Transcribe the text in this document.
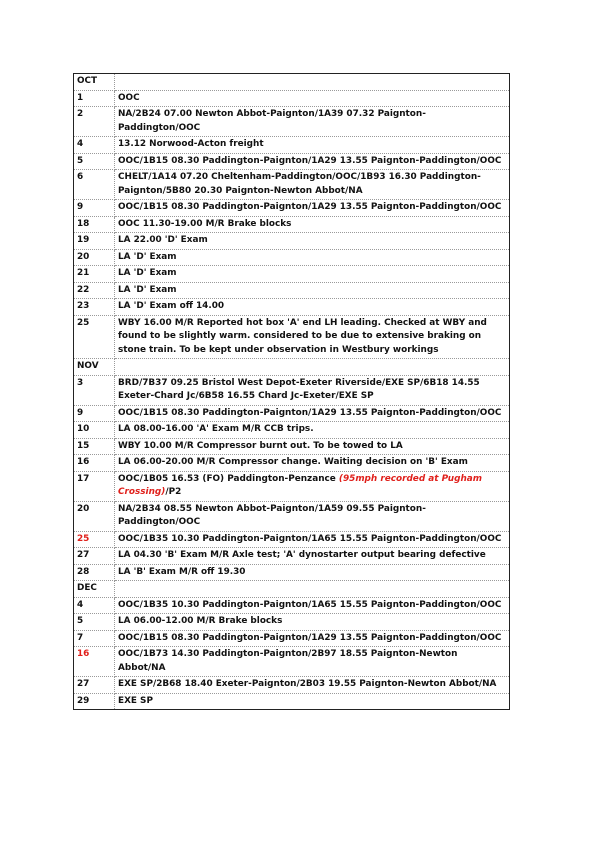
OCT	
1	OOC
2	NA/2B24 07.00 Newton Abbot-Paignton/1A39 07.32 Paignton-Paddington/OOC
4	13.12 Norwood-Acton freight
5	OOC/1B15 08.30 Paddington-Paignton/1A29 13.55 Paignton-Paddington/OOC
6	CHELT/1A14 07.20 Cheltenham-Paddington/OOC/1B93 16.30 Paddington-Paignton/5B80 20.30 Paignton-Newton Abbot/NA
9	OOC/1B15 08.30 Paddington-Paignton/1A29 13.55 Paignton-Paddington/OOC
18	OOC 11.30-19.00 M/R Brake blocks
19	LA 22.00 'D' Exam
20	LA 'D' Exam
21	LA 'D' Exam
22	LA 'D' Exam
23	LA 'D' Exam off 14.00
25	WBY 16.00 M/R Reported hot box 'A' end LH leading. Checked at WBY and found to be slightly warm. considered to be due to extensive braking on stone train. To be kept under observation in Westbury workings
NOV	
3	BRD/7B37 09.25 Bristol West Depot-Exeter Riverside/EXE SP/6B18 14.55 Exeter-Chard Jc/6B58 16.55 Chard Jc-Exeter/EXE SP
9	OOC/1B15 08.30 Paddington-Paignton/1A29 13.55 Paignton-Paddington/OOC
10	LA 08.00-16.00 'A' Exam M/R CCB trips.
15	WBY 10.00 M/R Compressor burnt out. To be towed to LA
16	LA 06.00-20.00 M/R Compressor change. Waiting decision on 'B' Exam
17	OOC/1B05 16.53 (FO) Paddington-Penzance (95mph recorded at Pugham Crossing)/P2
20	NA/2B34 08.55 Newton Abbot-Paignton/1A59 09.55 Paignton-Paddington/OOC
25	OOC/1B35 10.30 Paddington-Paignton/1A65 15.55 Paignton-Paddington/OOC
27	LA 04.30 'B' Exam M/R Axle test; 'A' dynostarter output bearing defective
28	LA 'B' Exam M/R off 19.30
DEC	
4	OOC/1B35 10.30 Paddington-Paignton/1A65 15.55 Paignton-Paddington/OOC
5	LA 06.00-12.00 M/R Brake blocks
7	OOC/1B15 08.30 Paddington-Paignton/1A29 13.55 Paignton-Paddington/OOC
16	OOC/1B73 14.30 Paddington-Paignton/2B97 18.55 Paignton-Newton Abbot/NA
27	EXE SP/2B68 18.40 Exeter-Paignton/2B03 19.55 Paignton-Newton Abbot/NA
29	EXE SP
